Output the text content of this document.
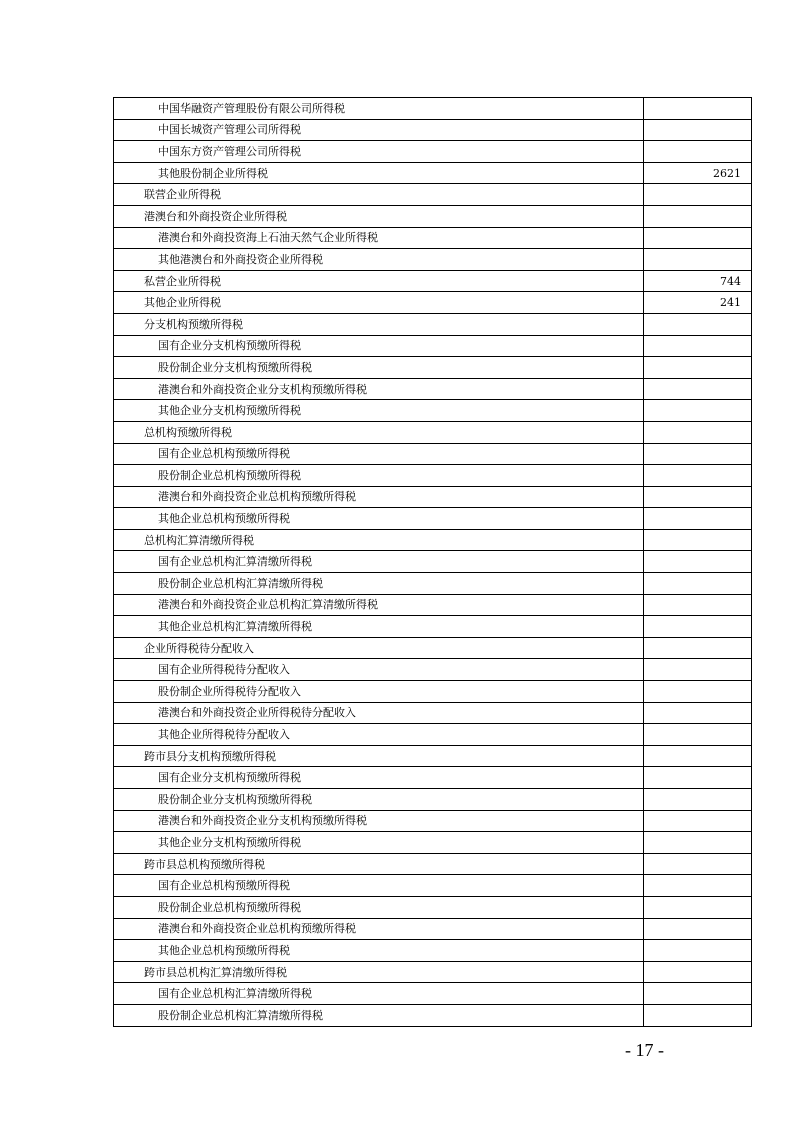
中国华融资产管理股份有限公司所得税	
中国长城资产管理公司所得税	
中国东方资产管理公司所得税	
其他股份制企业所得税	2621
联营企业所得税	
港澳台和外商投资企业所得税	
港澳台和外商投资海上石油天然气企业所得税	
其他港澳台和外商投资企业所得税	
私营企业所得税	744
其他企业所得税	241
分支机构预缴所得税	
国有企业分支机构预缴所得税	
股份制企业分支机构预缴所得税	
港澳台和外商投资企业分支机构预缴所得税	
其他企业分支机构预缴所得税	
总机构预缴所得税	
国有企业总机构预缴所得税	
股份制企业总机构预缴所得税	
港澳台和外商投资企业总机构预缴所得税	
其他企业总机构预缴所得税	
总机构汇算清缴所得税	
国有企业总机构汇算清缴所得税	
股份制企业总机构汇算清缴所得税	
港澳台和外商投资企业总机构汇算清缴所得税	
其他企业总机构汇算清缴所得税	
企业所得税待分配收入	
国有企业所得税待分配收入	
股份制企业所得税待分配收入	
港澳台和外商投资企业所得税待分配收入	
其他企业所得税待分配收入	
跨市县分支机构预缴所得税	
国有企业分支机构预缴所得税	
股份制企业分支机构预缴所得税	
港澳台和外商投资企业分支机构预缴所得税	
其他企业分支机构预缴所得税	
跨市县总机构预缴所得税	
国有企业总机构预缴所得税	
股份制企业总机构预缴所得税	
港澳台和外商投资企业总机构预缴所得税	
其他企业总机构预缴所得税	
跨市县总机构汇算清缴所得税	
国有企业总机构汇算清缴所得税	
股份制企业总机构汇算清缴所得税	
- 17 -
